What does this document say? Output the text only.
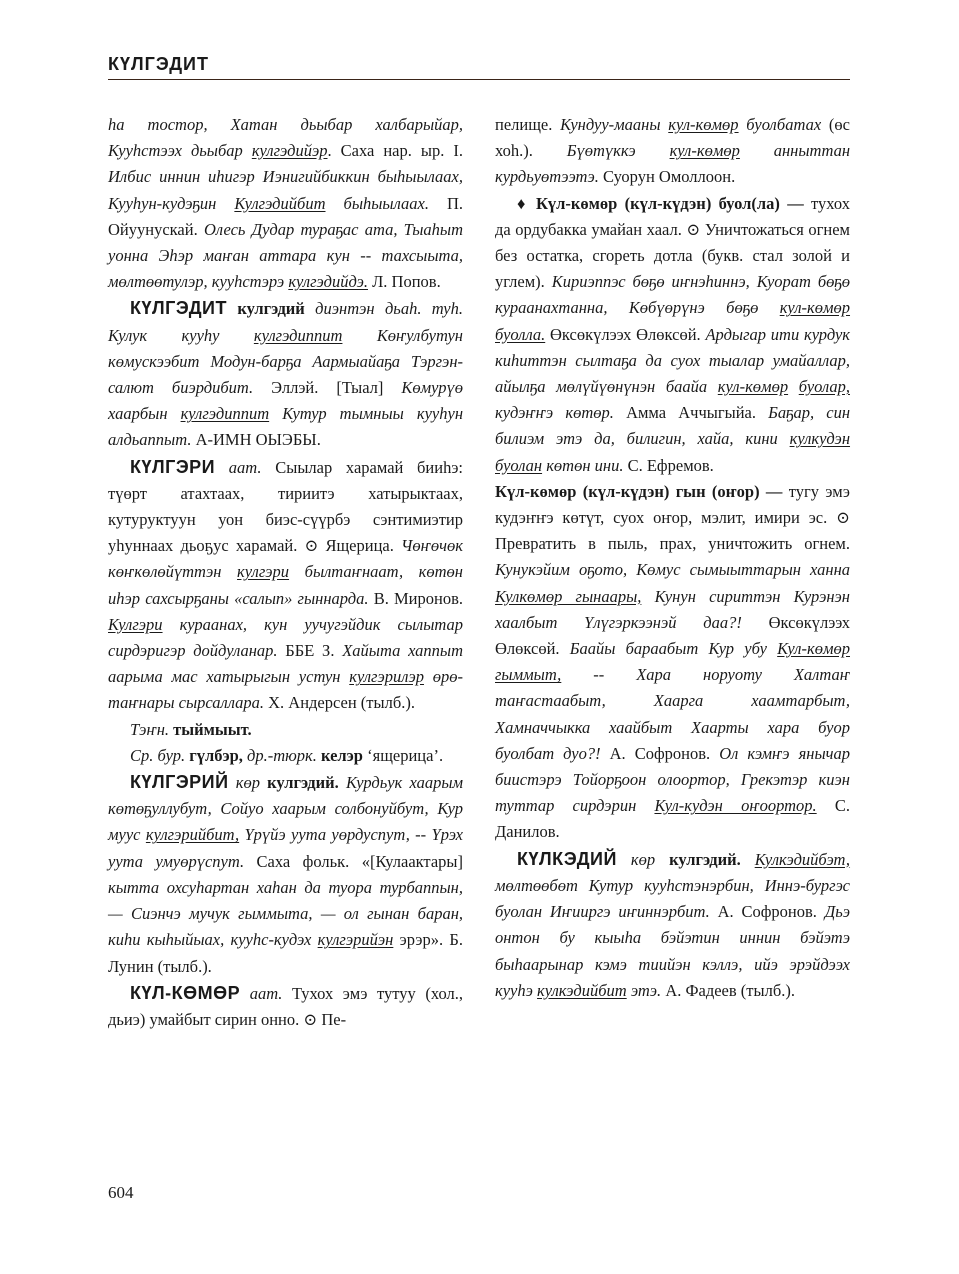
КҮЛГЭДИТ

һа тостор, Хатан дьыбар халбарыйар, Кууһстээх дьыбар кулгэдийэр. Саха нар. ыр. I. Илбис иннин иһигэр Иэнигийбиккин быһыылаах, Кууһун-кудэҕин Кулгэдийбит быһыылаах. П. Ойуунускай. Олесь Дудар тураҕас ата, Тыаһыт уонна Эһэр маҥан аттара кун -- тахсыыта, мөлтөөтулэр, кууһстэрэ кулгэдийдэ. Л. Попов.

КҮЛГЭДИТ кулгэдий диэнтэн дьаһ. туһ. Кулук кууһу кулгэдиппит Көҥулбутун көмускээбит Модун-барҕа Аармыайаҕа Тэргэн-салют биэрдибит. Эллэй. [Тыал] Көмурүө хаарбын кулгэдиппит Кутур тымныы кууһун алдьаппыт. А-ИМН ОЫЭБЫ.

КҮЛГЭРИ аат. Сыылар харамай бииһэ: түөрт атахтаах, тириитэ хатырыктаах, кутуруктуун уон биэс-сүүрбэ сэнтимиэтир уһуннаах дьоҕус харамай. ⊙ Ящерица. Чөҥөчөк көҥкөлөйүттэн кулгэри былтаҥнаат, көтөн иһэр сахсырҕаны «салып» гыннарда. В. Миронов. Кулгэри кураанах, кун уучугэйдик сылытар сирдэригэр дойдуланар. ББЕ З. Хайыта хаппыт аарыма мас хатырыгын устун кулгэрилэр өрө-таҥнары сырсаллара. Х. Андерсен (тылб.).

Тэҥн. тыймыыт.

Ср. бур. гүлбэр, др.-тюрк. келэр ‘ящерица’.

КҮЛГЭРИЙ көр кулгэдий. Курдьук хаарым көтөҕуллубут, Сойуо хаарым солбонуйбут, Кур муус кулгэрийбит, Үрүйэ уута уөрдуспут, -- Үрэх уута умуөрүспут. Саха фольк. «[Кулаактары] кытта охсуһартан хаһан да туора турбаппын, — Сиэнчэ мучук гыммыта, — ол гынан баран, киһи кыһыйыах, кууһс-кудэх кулгэрийэн эрэр». Б. Лунин (тылб.).

КҮЛ-КӨМӨР аат. Тухох эмэ тутуу (хол., дьиэ) умайбыт сирин онно. ⊙ Пе-

пелище. Кундуу-мааны кул-көмөр буолбатах (өс хоһ.). Бүөтүккэ кул-көмөр анныттан курдьуөтээтэ. Суорун Омоллоон.

♦ Күл-көмөр (күл-күдэн) буол(ла) — тухох да ордубакка умайан хаал. ⊙ Уничтожаться огнем без остатка, сгореть дотла (букв. стал золой и углем). Кириэппэс бөҕө иҥнэһиннэ, Куорат бөҕө кураанахтанна, Көбүөрүнэ бөҕө кул-көмөр буолла. Өксөкүлээх Өлөксөй. Ардыгар ити курдук киһиттэн сылтаҕа да суох тыалар умайаллар, айылҕа мөлүйүөнүнэн баайа кул-көмөр буолар, кудэҥҥэ көтөр. Амма Аччыгыйа. Баҕар, син билиэм этэ да, билигин, хайа, кини кулкудэн буолан көтөн ини. С. Ефремов.

Күл-көмөр (күл-күдэн) гын (оҥор) — тугу эмэ кудэҥҥэ көтүт, суох оҥор, мэлит, имири эс. ⊙ Превратить в пыль, прах, уничтожить огнем. Кунукэйим оҕото, Көмус сымыыттарын ханна Кулкөмөр гынаары, Кунун сириттэн Курэнэн хаалбыт Үлүгэркээнэй даа?! Өксөкүлээх Өлөксөй. Баайы бараабыт Кур убу Кул-көмөр гыммыт, -- Хара норуоту Халтаҥ таҥастаабыт, Хаарга хаамтарбыт, Хамначчыкка хаайбыт Хаарты хара буор буолбат дуо?! А. Софронов. Ол кэмҥэ янычар биистэрэ Тойорҕоон олоортор, Грекэтэр киэн туттар сирдэрин Кул-кудэн оҥоортор. С. Данилов.

КҮЛКЭДИЙ көр кулгэдий. Кулкэдийбэт, мөлтөөбөт Кутур кууһстэнэрбин, Иннэ-бургэс буолан Иҥииргэ иҥиннэрбит. А. Софронов. Дьэ онтон бу кыыһа бэйэтин иннин бэйэтэ быһаарынар кэмэ тиийэн кэллэ, ийэ эрэйдээх кууһэ кулкэдийбит этэ. А. Фадеев (тылб.).

604
